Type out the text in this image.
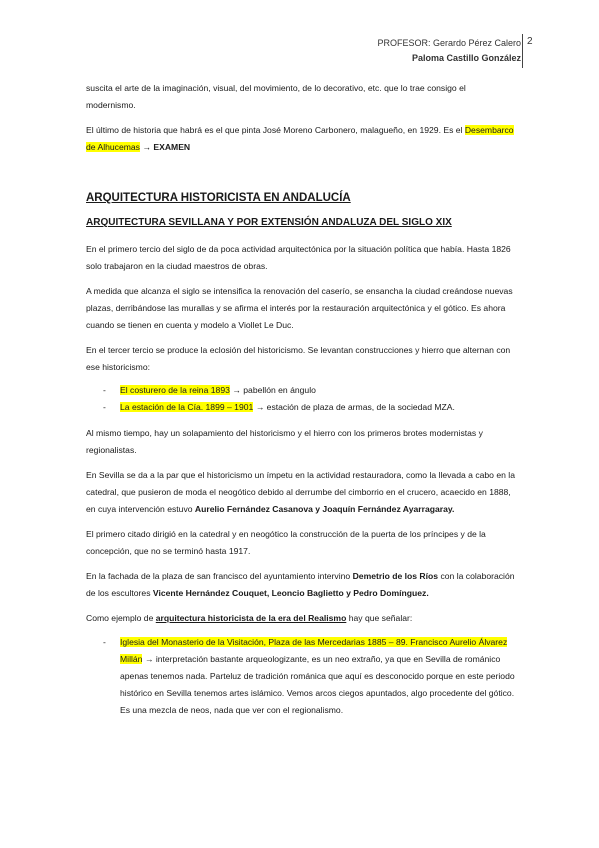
PROFESOR: Gerardo Pérez Calero
Paloma Castillo González
2

suscita el arte de la imaginación, visual, del movimiento, de lo decorativo, etc. que lo trae consigo el modernismo.

El último de historia que habrá es el que pinta José Moreno Carbonero, malagueño, en 1929. Es el Desembarco de Alhucemas → EXAMEN

ARQUITECTURA HISTORICISTA EN ANDALUCÍA
ARQUITECTURA SEVILLANA Y POR EXTENSIÓN ANDALUZA DEL SIGLO XIX

En el primero tercio del siglo de da poca actividad arquitectónica por la situación política que había. Hasta 1826 solo trabajaron en la ciudad maestros de obras.

A medida que alcanza el siglo se intensifica la renovación del caserío, se ensancha la ciudad creándose nuevas plazas, derribándose las murallas y se afirma el interés por la restauración arquitectónica y el gótico. Es ahora cuando se tienen en cuenta y modelo a Viollet Le Duc.

En el tercer tercio se produce la eclosión del historicismo. Se levantan construcciones y hierro que alternan con ese historicismo:

- El costurero de la reina 1893 → pabellón en ángulo
- La estación de la Cía. 1899 – 1901 → estación de plaza de armas, de la sociedad MZA.

Al mismo tiempo, hay un solapamiento del historicismo y el hierro con los primeros brotes modernistas y regionalistas.

En Sevilla se da a la par que el historicismo un ímpetu en la actividad restauradora, como la llevada a cabo en la catedral, que pusieron de moda el neogótico debido al derrumbe del cimborrio en el crucero, acaecido en 1888, en cuya intervención estuvo Aurelio Fernández Casanova y Joaquín Fernández Ayarragaray.

El primero citado dirigió en la catedral y en neogótico la construcción de la puerta de los príncipes y de la concepción, que no se terminó hasta 1917.

En la fachada de la plaza de san francisco del ayuntamiento intervino Demetrio de los Ríos con la colaboración de los escultores Vicente Hernández Couquet, Leoncio Baglietto y Pedro Domínguez.

Como ejemplo de arquitectura historicista de la era del Realismo hay que señalar:

- Iglesia del Monasterio de la Visitación, Plaza de las Mercedarias 1885 – 89. Francisco Aurelio Álvarez Millán → interpretación bastante arqueologizante, es un neo extraño, ya que en Sevilla de románico apenas tenemos nada. Parteluz de tradición románica que aquí es desconocido porque en este periodo histórico en Sevilla tenemos artes islámico. Vemos arcos ciegos apuntados, algo procedente del gótico. Es una mezcla de neos, nada que ver con el regionalismo.
